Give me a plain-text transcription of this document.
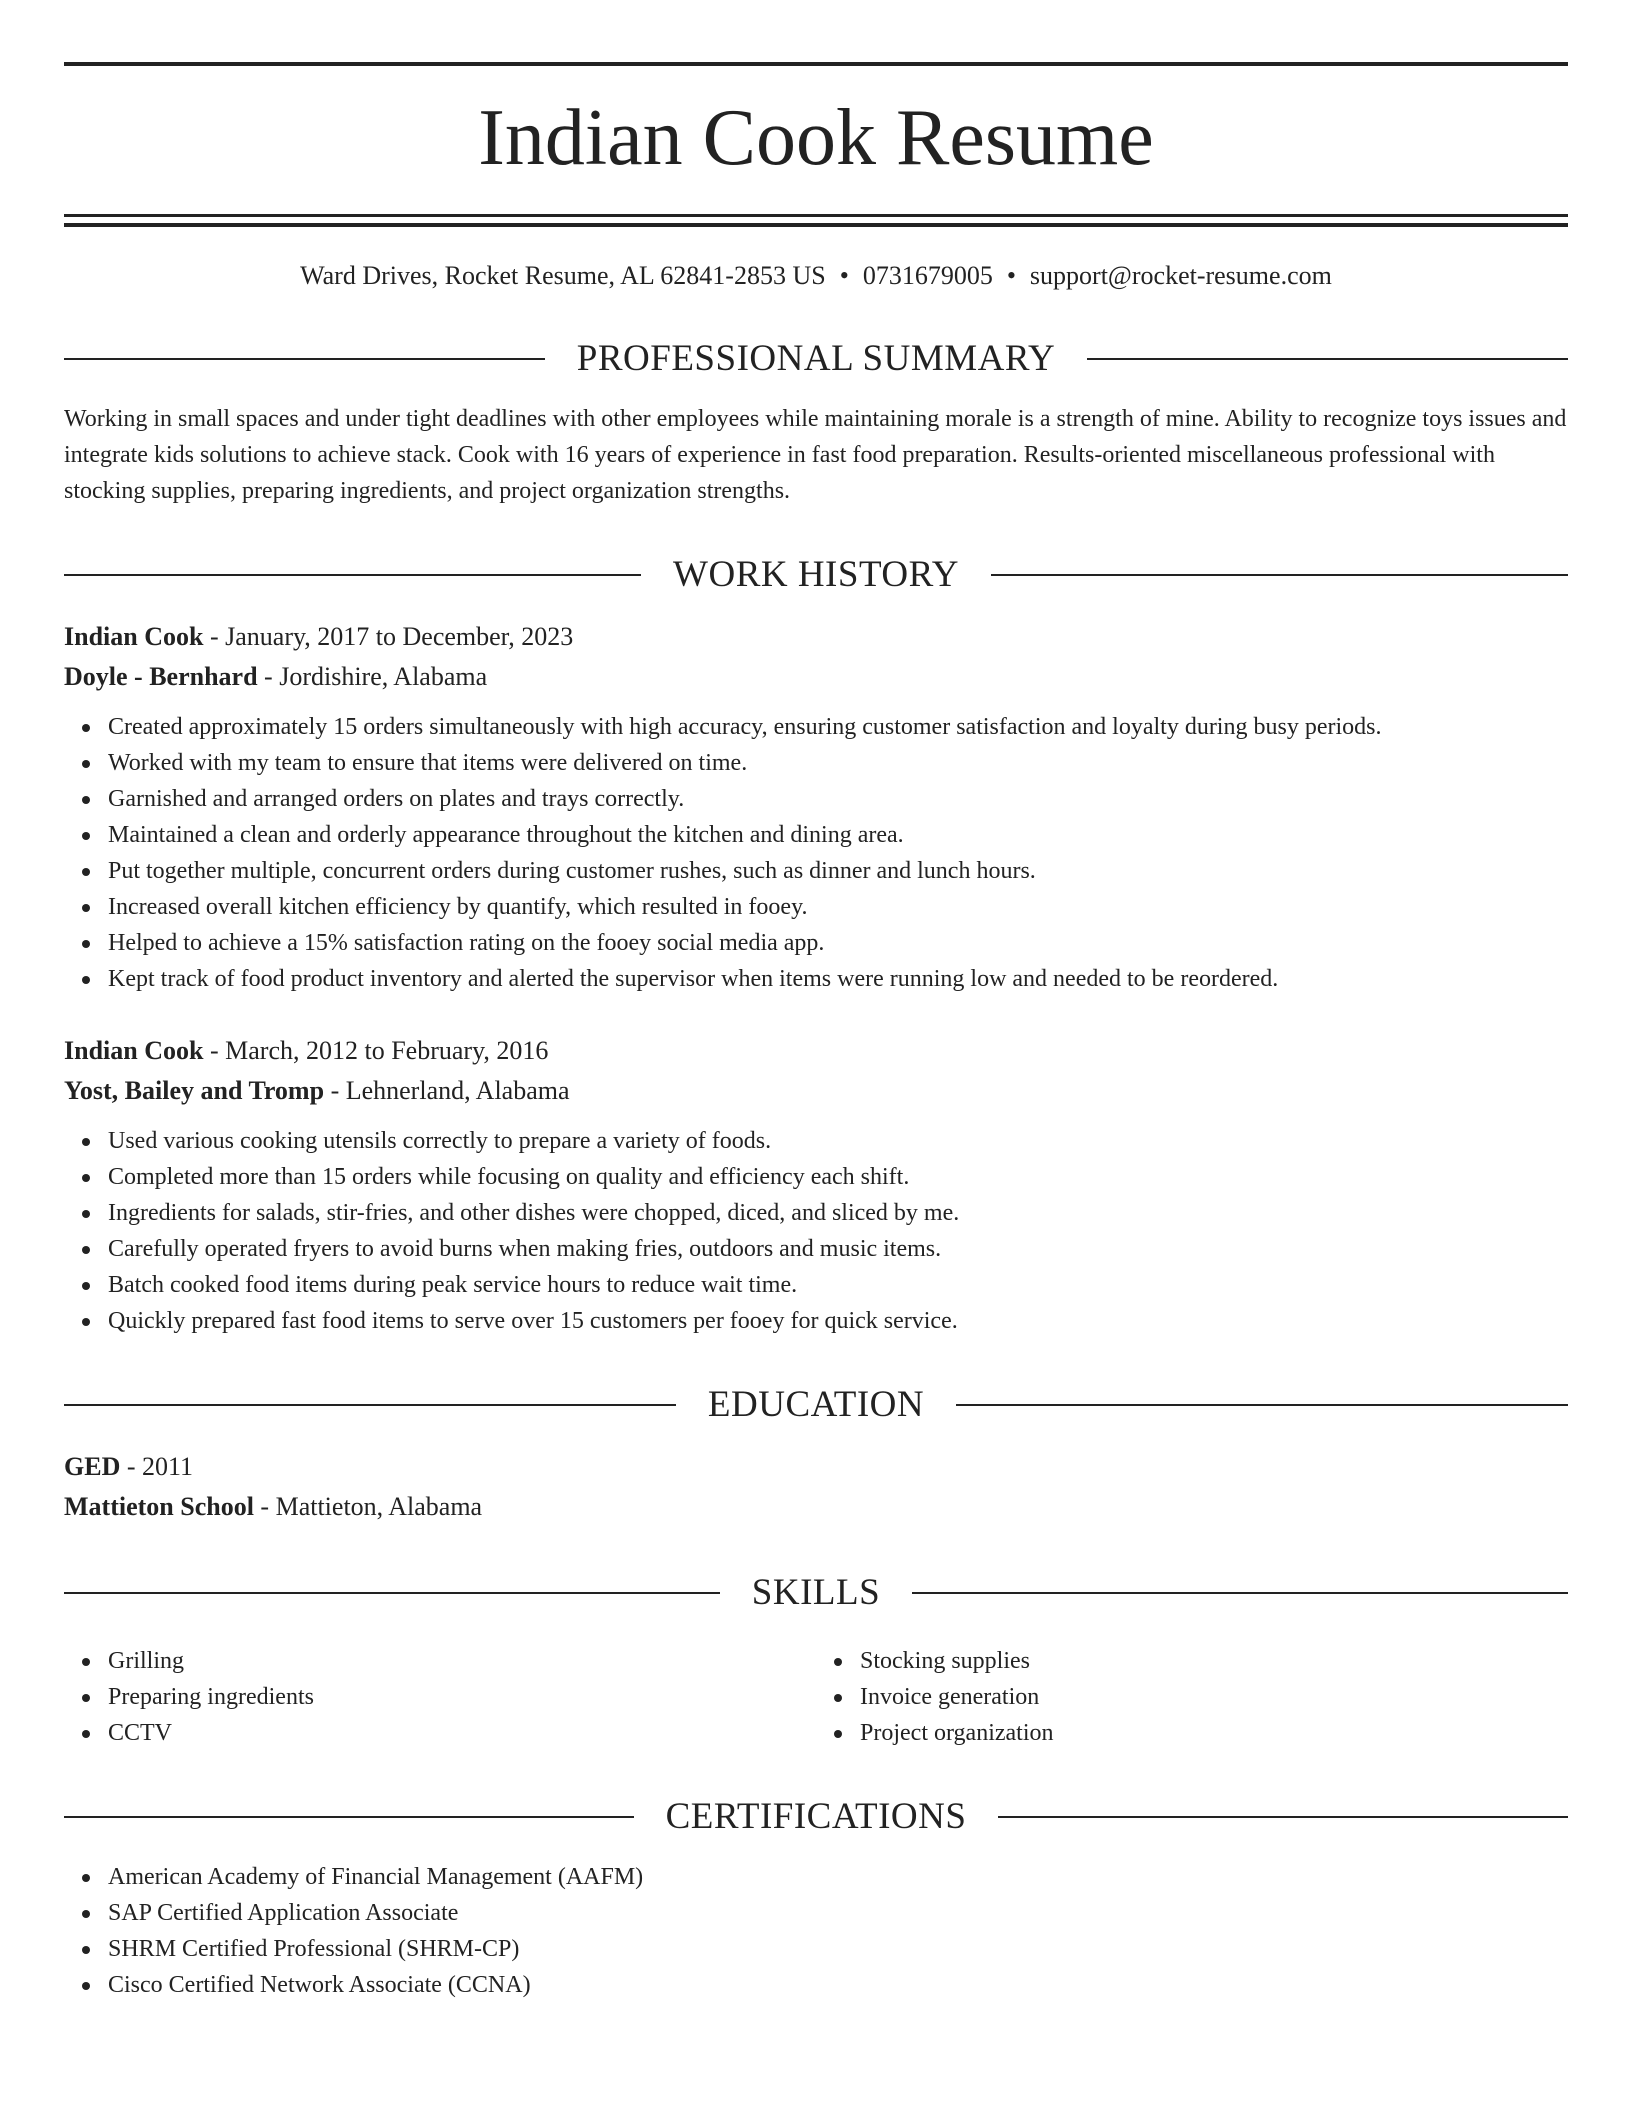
Indian Cook Resume
Ward Drives, Rocket Resume, AL 62841-2853 US • 0731679005 • support@rocket-resume.com
PROFESSIONAL SUMMARY

Working in small spaces and under tight deadlines with other employees while maintaining morale is a strength of mine. Ability to recognize toys issues and integrate kids solutions to achieve stack. Cook with 16 years of experience in fast food preparation. Results-oriented miscellaneous professional with stocking supplies, preparing ingredients, and project organization strengths.

WORK HISTORY
Indian Cook - January, 2017 to December, 2023
Doyle - Bernhard - Jordishire, Alabama
Created approximately 15 orders simultaneously with high accuracy, ensuring customer satisfaction and loyalty during busy periods.
Worked with my team to ensure that items were delivered on time.
Garnished and arranged orders on plates and trays correctly.
Maintained a clean and orderly appearance throughout the kitchen and dining area.
Put together multiple, concurrent orders during customer rushes, such as dinner and lunch hours.
Increased overall kitchen efficiency by quantify, which resulted in fooey.
Helped to achieve a 15% satisfaction rating on the fooey social media app.
Kept track of food product inventory and alerted the supervisor when items were running low and needed to be reordered.
Indian Cook - March, 2012 to February, 2016
Yost, Bailey and Tromp - Lehnerland, Alabama
Used various cooking utensils correctly to prepare a variety of foods.
Completed more than 15 orders while focusing on quality and efficiency each shift.
Ingredients for salads, stir-fries, and other dishes were chopped, diced, and sliced by me.
Carefully operated fryers to avoid burns when making fries, outdoors and music items.
Batch cooked food items during peak service hours to reduce wait time.
Quickly prepared fast food items to serve over 15 customers per fooey for quick service.
EDUCATION
GED - 2011
Mattieton School - Mattieton, Alabama
SKILLS
Grilling
Preparing ingredients
CCTV
Stocking supplies
Invoice generation
Project organization
CERTIFICATIONS
American Academy of Financial Management (AAFM)
SAP Certified Application Associate
SHRM Certified Professional (SHRM-CP)
Cisco Certified Network Associate (CCNA)
